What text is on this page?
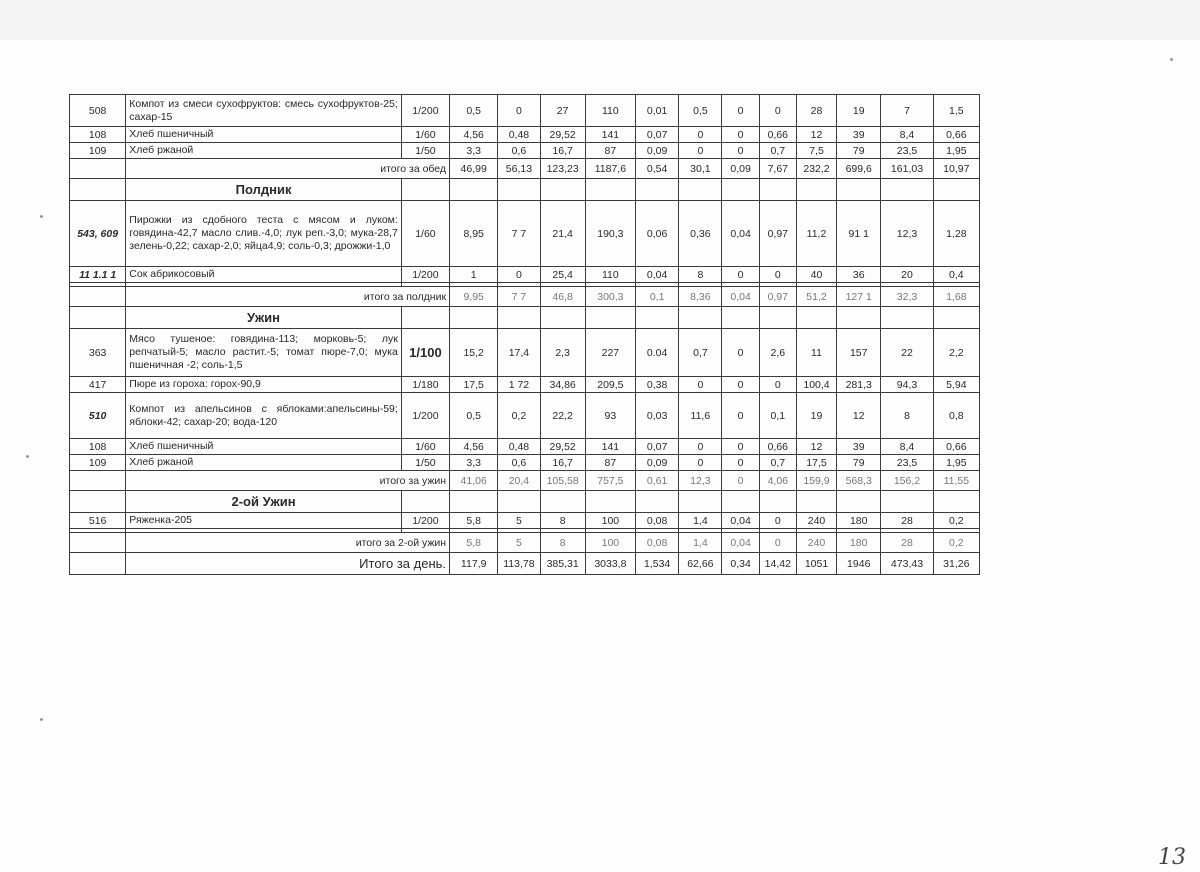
508	Компот из смеси сухофруктов: смесь сухофруктов-25; сахар-15	1/200	0,5	0	27	110	0,01	0,5	0	0	28	19	7	1,5
108	Хлеб пшеничный	1/60	4,56	0,48	29,52	141	0,07	0	0	0,66	12	39	8,4	0,66
109	Хлеб ржаной	1/50	3,3	0,6	16,7	87	0,09	0	0	0,7	7,5	79	23,5	1,95
	итого за обед		46,99	56,13	123,23	1187,6	0,54	30,1	0,09	7,67	232,2	699,6	161,03	10,97
	Полдник													
543, 609	Пирожки из сдобного теста с мясом и луком: говядина-42,7 масло слив.-4,0; лук реп.-3,0; мука-28,7 зелень-0,22; сахар-2,0; яйца4,9; соль-0,3; дрожжи-1,0	1/60	8,95	7 7	21,4	190,3	0,06	0,36	0,04	0,97	11,2	91 1	12,3	1,28
11 1.1 1	Сок абрикосовый	1/200	1	0	25,4	110	0,04	8	0	0	40	36	20	0,4

	итого за полдник		9,95	7 7	46,8	300,3	0,1	8,36	0,04	0,97	51,2	127 1	32,3	1,68
	Ужин													
363	Мясо тушеное: говядина-113; морковь-5; лук репчатый-5; масло растит.-5; томат пюре-7,0; мука пшеничная -2; соль-1,5	1/100	15,2	17,4	2,3	227	0.04	0,7	0	2,6	11	157	22	2,2
417	Пюре из гороха: горох-90,9	1/180	17,5	1 72	34,86	209,5	0,38	0	0	0	100,4	281,3	94,3	5,94
510	Компот из апельсинов с яблоками:апельсины-59; яблоки-42; сахар-20; вода-120	1/200	0,5	0,2	22,2	93	0,03	11,6	0	0,1	19	12	8	0,8
108	Хлеб пшеничный	1/60	4,56	0,48	29,52	141	0,07	0	0	0,66	12	39	8,4	0,66
109	Хлеб ржаной	1/50	3,3	0,6	16,7	87	0,09	0	0	0,7	17,5	79	23,5	1,95
	итого за ужин		41,06	20,4	105,58	757,5	0,61	12,3	0	4,06	159,9	568,3	156,2	11,55
	2-ой Ужин													
516	Ряженка-205	1/200	5,8	5	8	100	0,08	1,4	0,04	0	240	180	28	0,2

	итого за 2-ой ужин		5,8	5	8	100	0,08	1,4	0,04	0	240	180	28	0,2
	Итого за день.		117,9	113,78	385,31	3033,8	1,534	62,66	0,34	14,42	1051	1946	473,43	31,26
13
